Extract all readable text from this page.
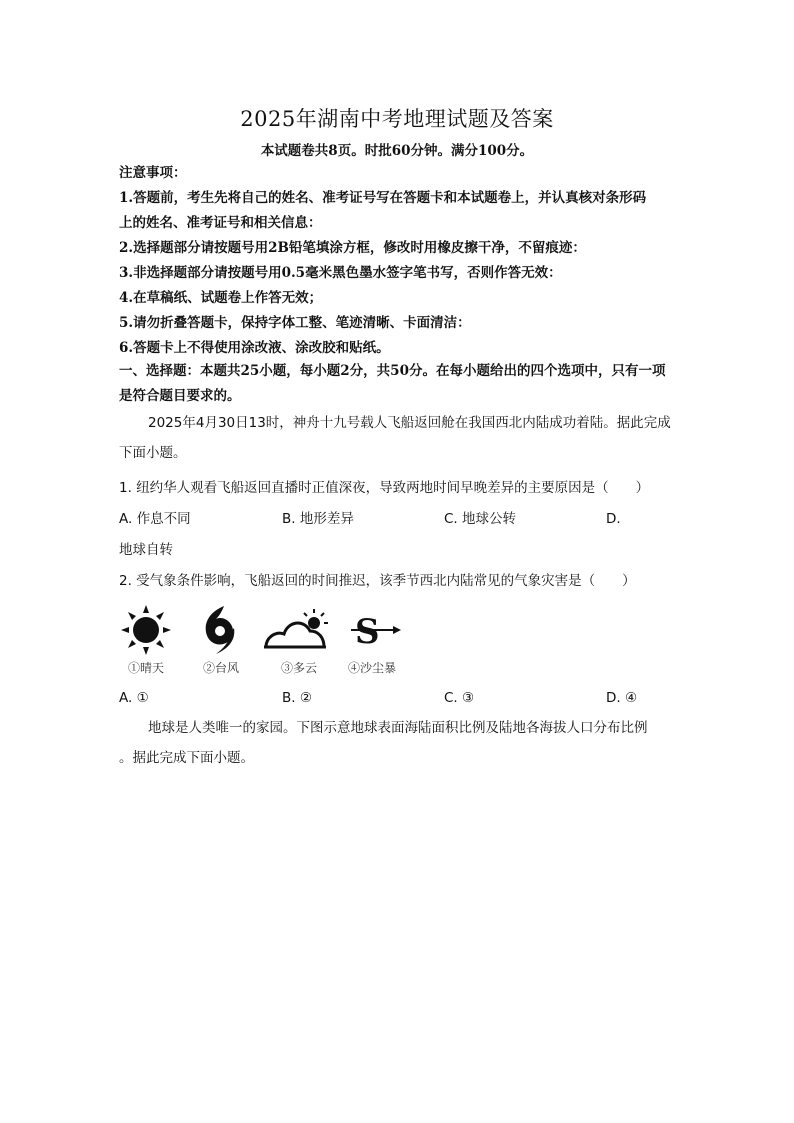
2025年湖南中考地理试题及答案
本试题卷共8页。时批60分钟。满分100分。
注意事项：
1.答题前，考生先将自己的姓名、准考证号写在答题卡和本试题卷上，并认真核对条形码
上的姓名、准考证号和相关信息：
2.选择题部分请按题号用2B铅笔填涂方框，修改时用橡皮擦干净，不留痕迹：
3.非选择题部分请按题号用0.5毫米黑色墨水签字笔书写，否则作答无效：
4.在草稿纸、试题卷上作答无效；
5.请勿折叠答题卡，保持字体工整、笔迹清晰、卡面清洁：
6.答题卡上不得使用涂改液、涂改胶和贴纸。
一、选择题：本题共25小题，每小题2分，共50分。在每小题给出的四个选项中，只有一项
是符合题目要求的。
2025年4月30日13时，神舟十九号载人飞船返回舱在我国西北内陆成功着陆。据此完成
下面小题。
1. 纽约华人观看飞船返回直播时正值深夜，导致两地时间早晚差异的主要原因是（　　）
A. 作息不同	B. 地形差异	C. 地球公转	D.
地球自转
2. 受气象条件影响，飞船返回的时间推迟，该季节西北内陆常见的气象灾害是（　　）
S
①晴天	②台风	③多云	④沙尘暴
A. ①	B. ②	C. ③	D. ④
地球是人类唯一的家园。下图示意地球表面海陆面积比例及陆地各海拔人口分布比例
。据此完成下面小题。
